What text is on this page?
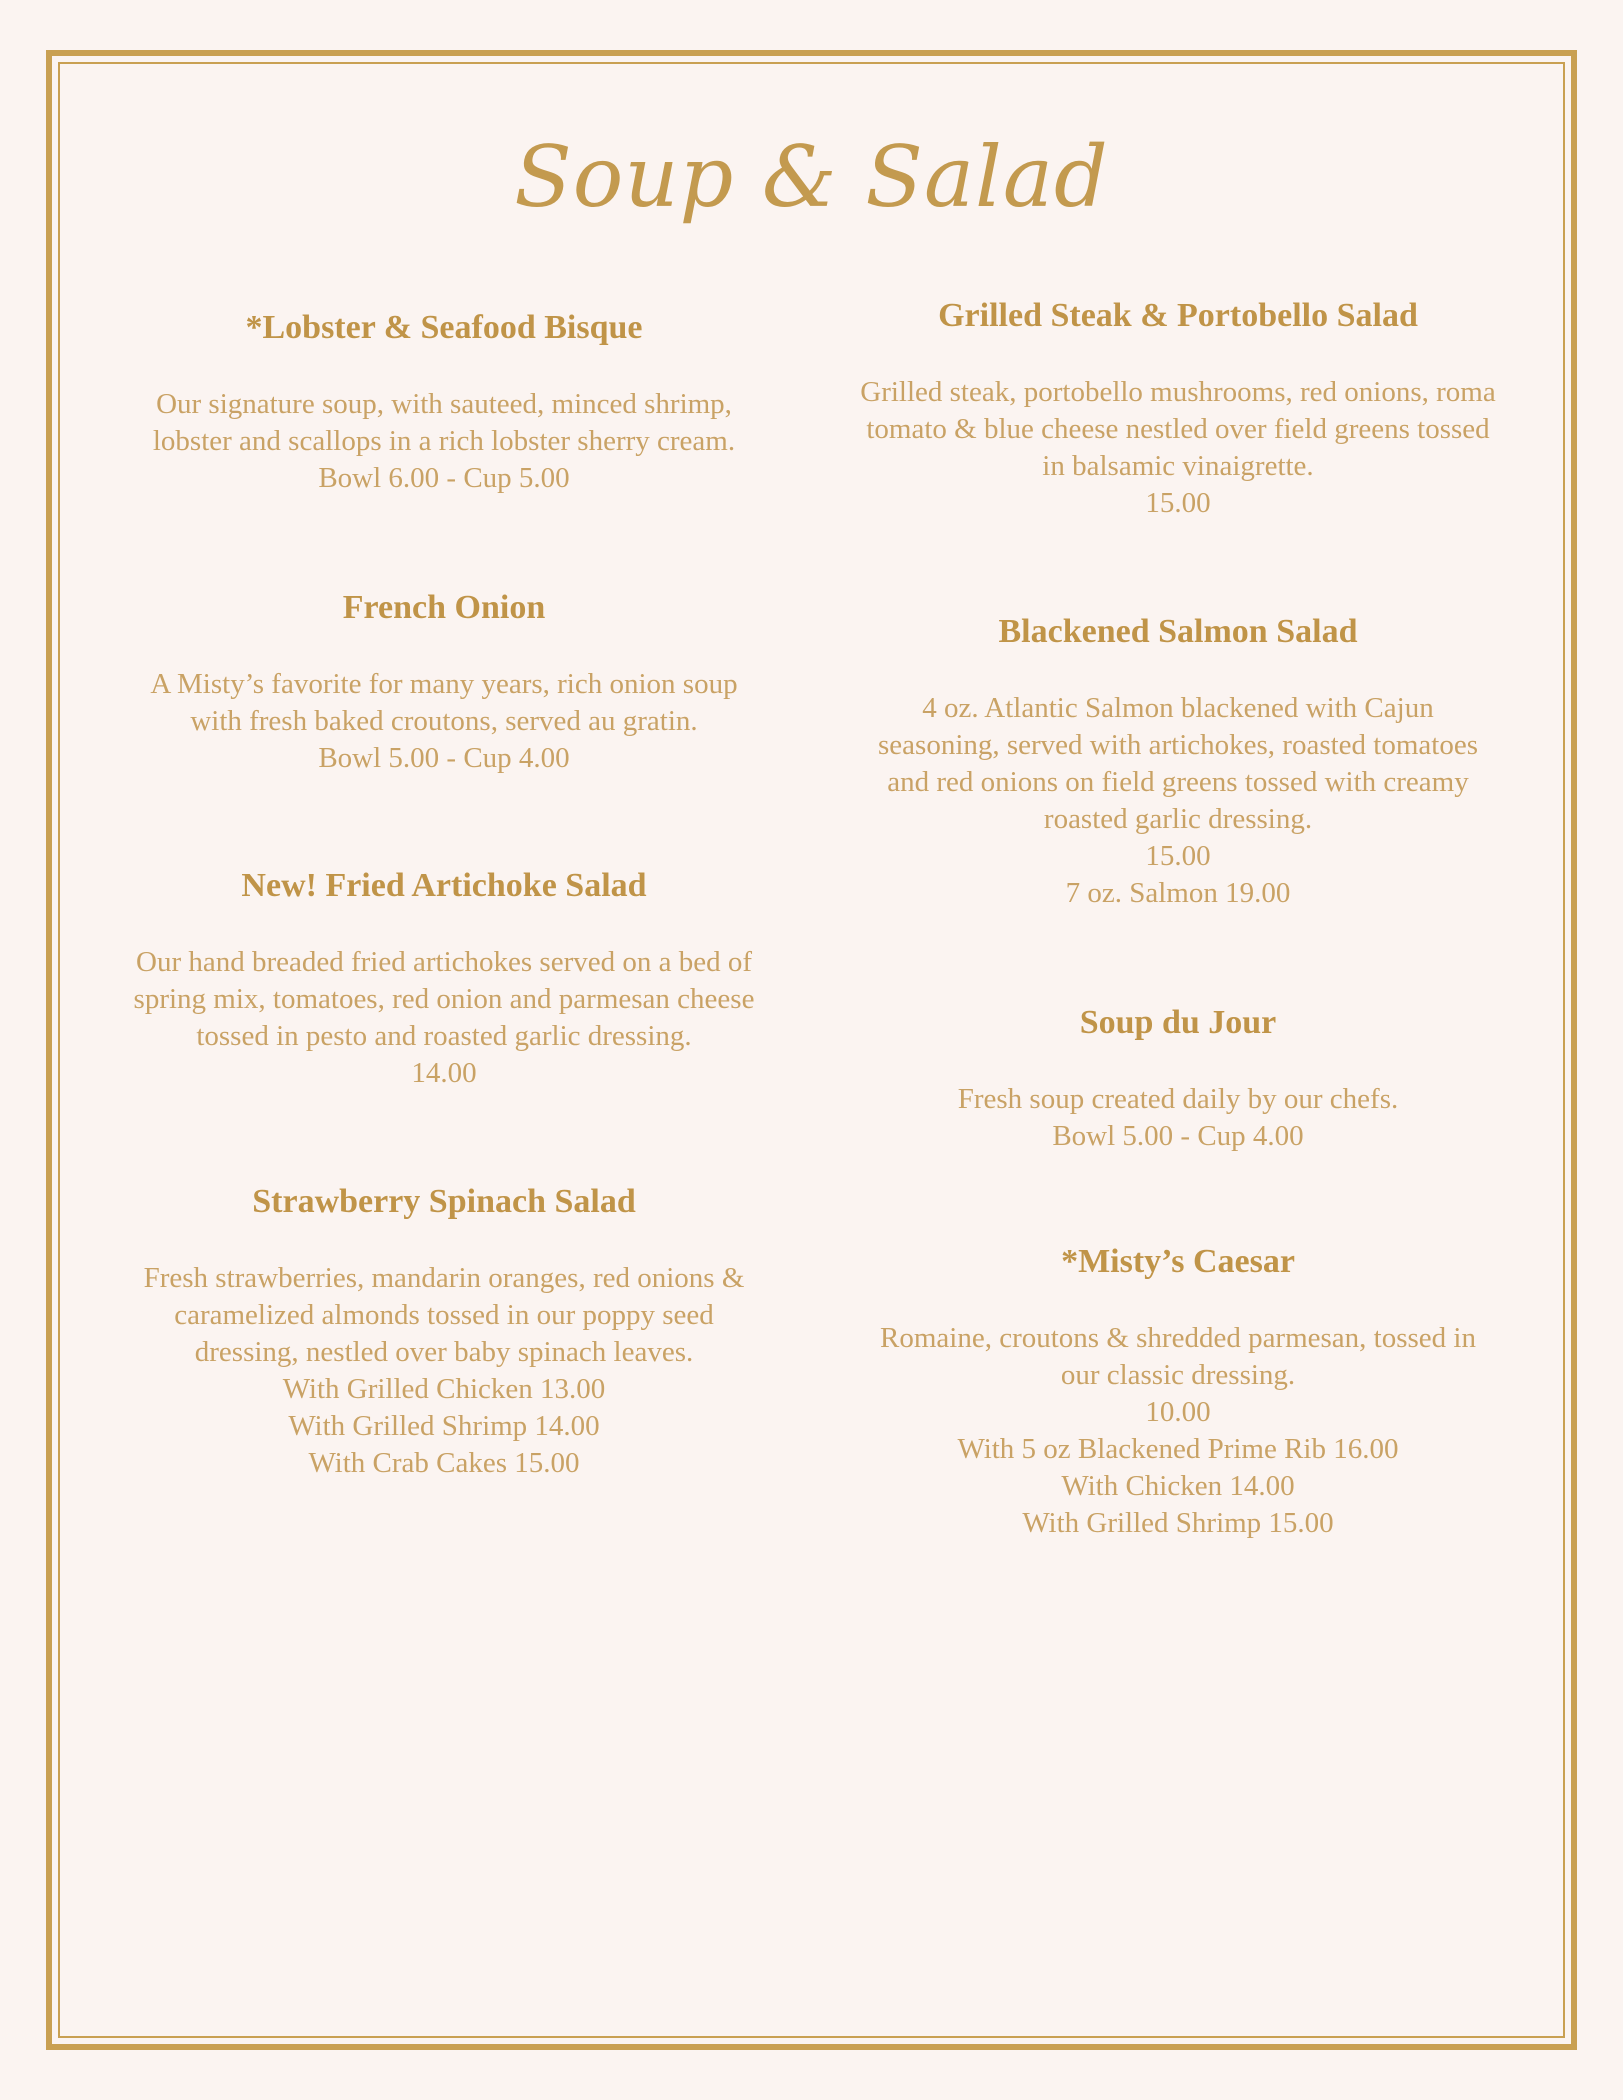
Soup & Salad
*Lobster & Seafood Bisque
Our signature soup, with sauteed, minced shrimp, lobster and scallops in a rich lobster sherry cream.
Bowl 6.00 - Cup 5.00
French Onion
A Misty’s favorite for many years, rich onion soup with fresh baked croutons, served au gratin.
Bowl 5.00 - Cup 4.00
New! Fried Artichoke Salad
Our hand breaded fried artichokes served on a bed of spring mix, tomatoes, red onion and parmesan cheese tossed in pesto and roasted garlic dressing.
14.00
Strawberry Spinach Salad
Fresh strawberries, mandarin oranges, red onions & caramelized almonds tossed in our poppy seed dressing, nestled over baby spinach leaves.
With Grilled Chicken 13.00
With Grilled Shrimp 14.00
With Crab Cakes 15.00
Grilled Steak & Portobello Salad
Grilled steak, portobello mushrooms, red onions, roma tomato & blue cheese nestled over field greens tossed in balsamic vinaigrette.
15.00
Blackened Salmon Salad
4 oz. Atlantic Salmon blackened with Cajun seasoning, served with artichokes, roasted tomatoes and red onions on field greens tossed with creamy roasted garlic dressing.
15.00
7 oz. Salmon 19.00
Soup du Jour
Fresh soup created daily by our chefs.
Bowl 5.00 - Cup 4.00
*Misty’s Caesar
Romaine, croutons & shredded parmesan, tossed in our classic dressing.
10.00
With 5 oz Blackened Prime Rib 16.00
With Chicken 14.00
With Grilled Shrimp 15.00
